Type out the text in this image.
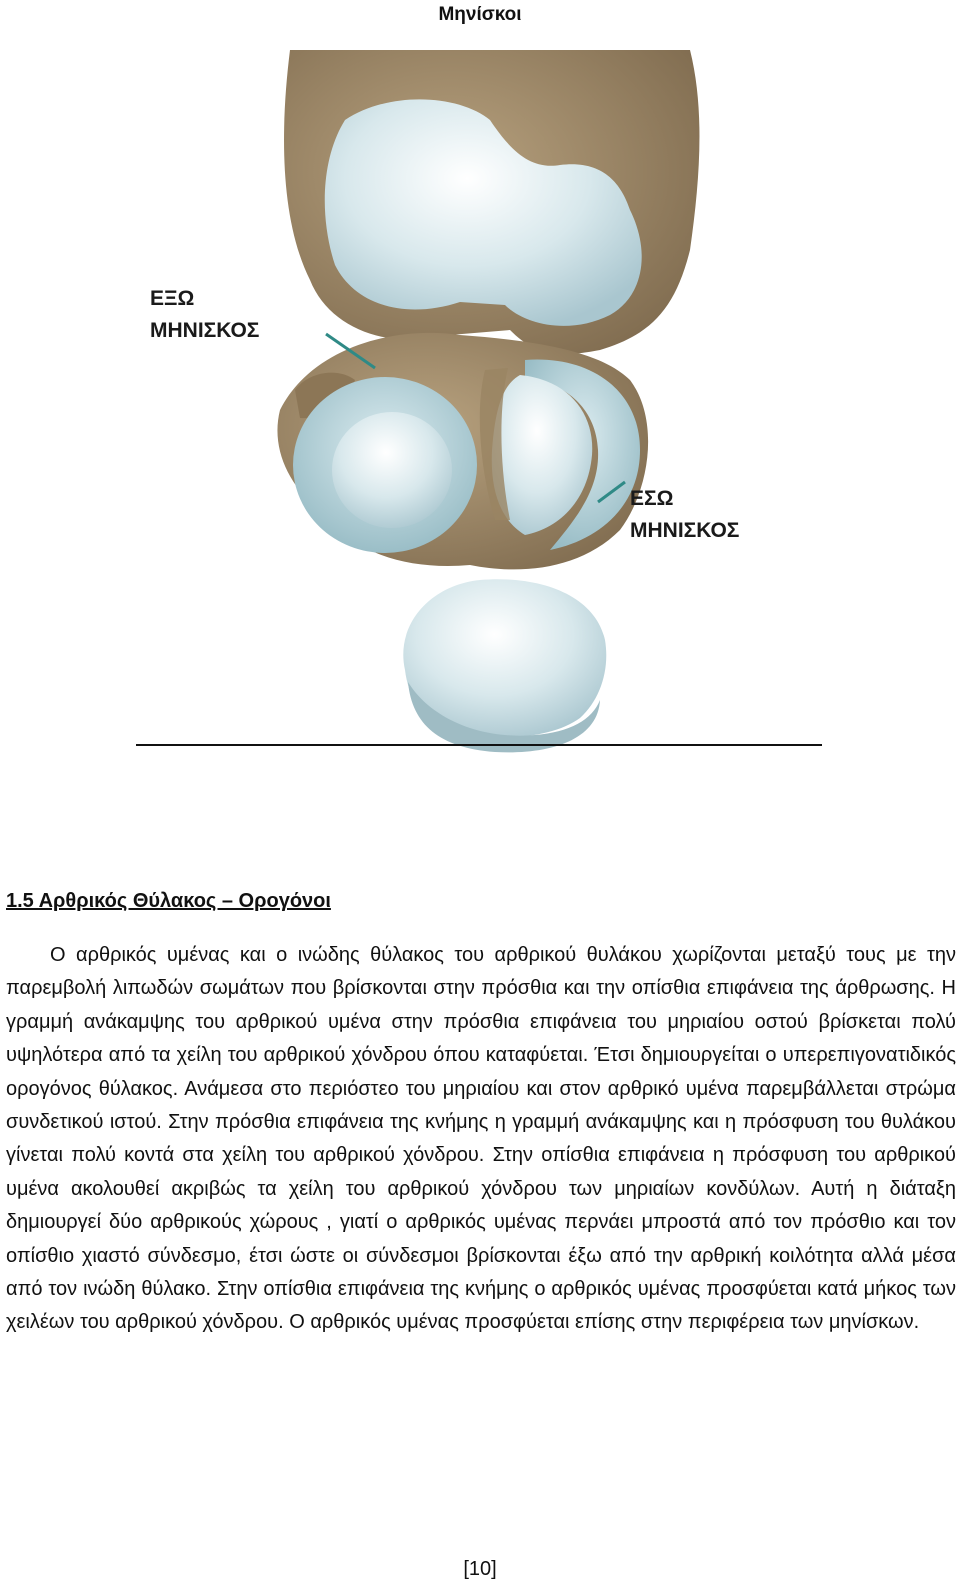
Μηνίσκοι
ΕΞΩ
ΜΗΝΙΣΚΟΣ
ΕΣΩ
ΜΗΝΙΣΚΟΣ
1.5 Αρθρικός Θύλακος – Ορογόνοι

Ο αρθρικός υμένας και ο ινώδης θύλακος του αρθρικού θυλάκου χωρίζονται μεταξύ τους με την παρεμβολή λιπωδών σωμάτων που βρίσκονται στην πρόσθια και την οπίσθια επιφάνεια της άρθρωσης. Η γραμμή ανάκαμψης του αρθρικού υμένα στην πρόσθια επιφάνεια του μηριαίου οστού βρίσκεται πολύ υψηλότερα από τα χείλη του αρθρικού χόνδρου όπου καταφύεται. Έτσι δημιουργείται ο υπερεπιγονατιδικός ορογόνος θύλακος. Ανάμεσα στο περιόστεο του μηριαίου και στον αρθρικό υμένα παρεμβάλλεται στρώμα συνδετικού ιστού. Στην πρόσθια επιφάνεια της κνήμης η γραμμή ανάκαμψης και η πρόσφυση του θυλάκου γίνεται πολύ κοντά στα χείλη του αρθρικού χόνδρου. Στην οπίσθια επιφάνεια η πρόσφυση του αρθρικού υμένα ακολουθεί ακριβώς τα χείλη του αρθρικού χόνδρου των μηριαίων κονδύλων. Αυτή η διάταξη δημιουργεί δύο αρθρικούς χώρους , γιατί ο αρθρικός υμένας περνάει μπροστά από τον πρόσθιο και τον οπίσθιο χιαστό σύνδεσμο, έτσι ώστε οι σύνδεσμοι βρίσκονται έξω από την αρθρική κοιλότητα αλλά μέσα από τον ινώδη θύλακο. Στην οπίσθια επιφάνεια της κνήμης ο αρθρικός υμένας προσφύεται κατά μήκος των χειλέων του αρθρικού χόνδρου. Ο αρθρικός υμένας προσφύεται επίσης στην περιφέρεια των μηνίσκων.

[10]
